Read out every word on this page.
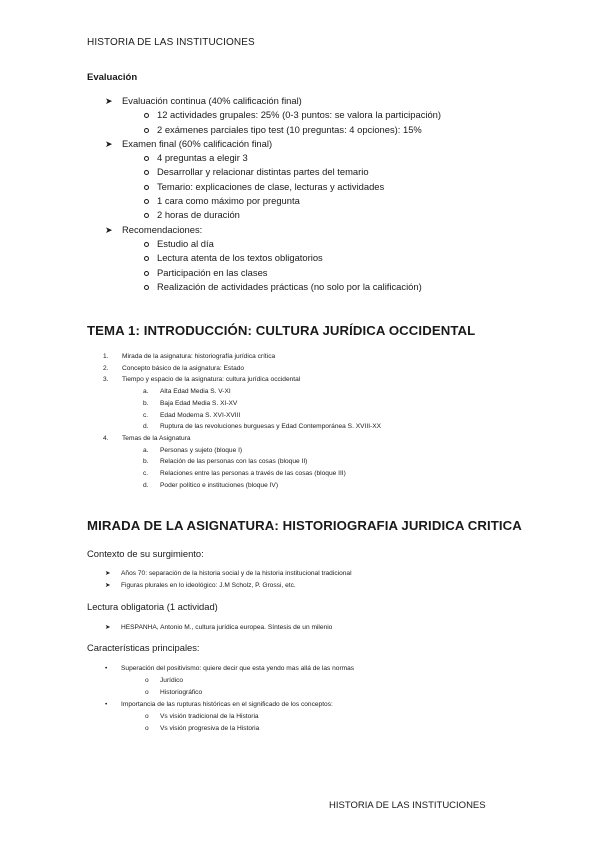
HISTORIA DE LAS INSTITUCIONES
Evaluación
➤ Evaluación continua (40% calificación final)
12 actividades grupales: 25% (0-3 puntos: se valora la participación)
2 exámenes parciales tipo test (10 preguntas: 4 opciones): 15%
➤ Examen final (60% calificación final)
4 preguntas a elegir 3
Desarrollar y relacionar distintas partes del temario
Temario: explicaciones de clase, lecturas y actividades
1 cara como máximo por pregunta
2 horas de duración
➤ Recomendaciones:
Estudio al día
Lectura atenta de los textos obligatorios
Participación en las clases
Realización de actividades prácticas (no solo por la calificación)
TEMA 1: INTRODUCCIÓN: CULTURA JURÍDICA OCCIDENTAL
1. Mirada de la asignatura: historiografía jurídica crítica
2. Concepto básico de la asignatura: Estado
3. Tiempo y espacio de la asignatura: cultura jurídica occidental
a. Alta Edad Media S. V-XI
b. Baja Edad Media S. XI-XV
c. Edad Moderna S. XVI-XVIII
d. Ruptura de las revoluciones burguesas y Edad Contemporánea S. XVIII-XX
4. Temas de la Asignatura
a. Personas y sujeto (bloque I)
b. Relación de las personas con las cosas (bloque II)
c. Relaciones entre las personas a través de las cosas (bloque III)
d. Poder político e instituciones (bloque IV)
MIRADA DE LA ASIGNATURA: HISTORIOGRAFIA JURIDICA CRITICA
Contexto de su surgimiento:
➤ Años 70: separación de la historia social y de la historia institucional tradicional
➤ Figuras plurales en lo ideológico: J.M Scholz, P. Grossi, etc.
Lectura obligatoria (1 actividad)
➤ HESPANHA, Antonio M., cultura jurídica europea. Síntesis de un milenio
Características principales:
• Superación del positivismo: quiere decir que esta yendo mas allá de las normas
o Jurídico
o Historiográfico
• Importancia de las rupturas históricas en el significado de los conceptos:
o Vs visión tradicional de la Historia
o Vs visión progresiva de la Historia
HISTORIA DE LAS INSTITUCIONES
